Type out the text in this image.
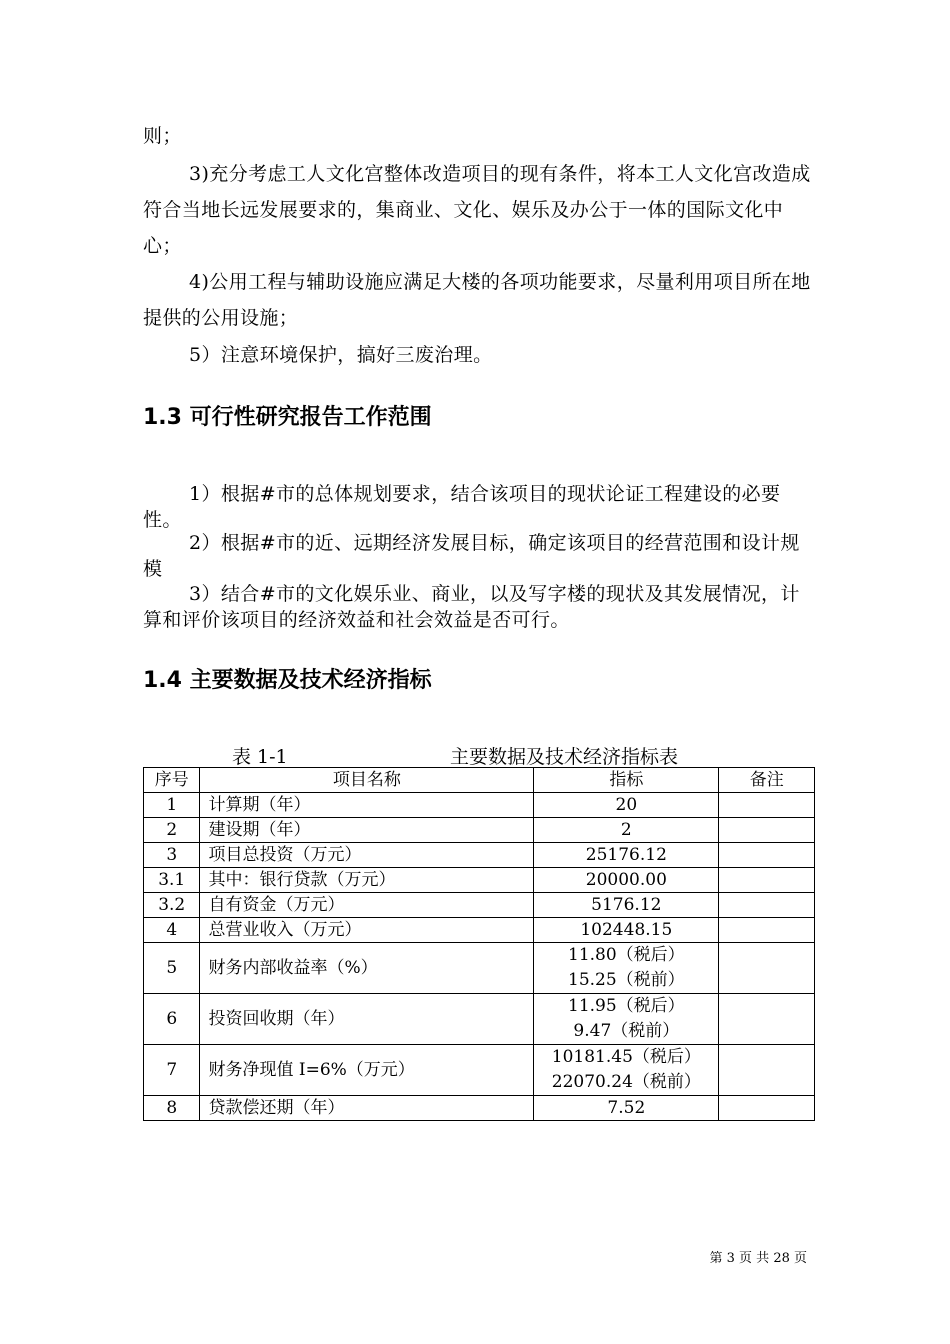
则；

3)充分考虑工人文化宫整体改造项目的现有条件，将本工人文化宫改造成符合当地长远发展要求的，集商业、文化、娱乐及办公于一体的国际文化中心；

4)公用工程与辅助设施应满足大楼的各项功能要求，尽量利用项目所在地提供的公用设施；

5）注意环境保护，搞好三废治理。

1.3 可行性研究报告工作范围

1）根据#市的总体规划要求，结合该项目的现状论证工程建设的必要性。

2）根据#市的近、远期经济发展目标，确定该项目的经营范围和设计规模

3）结合#市的文化娱乐业、商业，以及写字楼的现状及其发展情况，计算和评价该项目的经济效益和社会效益是否可行。

1.4 主要数据及技术经济指标

表 1-1	主要数据及技术经济指标表

序号	项目名称	指标	备注
1	计算期（年）	20	
2	建设期（年）	2	
3	项目总投资（万元）	25176.12	
3.1	其中：银行贷款（万元）	20000.00	
3.2	自有资金（万元）	5176.12	
4	总营业收入（万元）	102448.15	
5	财务内部收益率（%）	11.80（税后）
15.25（税前）	

6	投资回收期（年）	11.95（税后）
9.47（税前）	

7	财务净现值 I=6%（万元）	10181.45（税后）
22070.24（税前）	

8	贷款偿还期（年）	7.52	
第 3 页 共 28 页
